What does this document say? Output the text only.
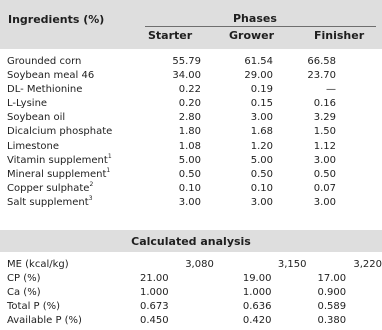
Ingredients (%)	Phases
Starter	Grower	Finisher
Grounded corn	55.79	61.54	66.58
Soybean meal 46	34.00	29.00	23.70
DL- Methionine	0.22	0.19	—
L-Lysine	0.20	0.15	0.16
Soybean oil	2.80	3.00	3.29
Dicalcium phosphate	1.80	1.68	1.50
Limestone	1.08	1.20	1.12
Vitamin supplement$^1$	5.00	5.00	3.00
Mineral supplement$^1$	0.50	0.50	0.50
Copper sulphate$^2$	0.10	0.10	0.07
Salt supplement$^3$	3.00	3.00	3.00
Calculated analysis
ME (kcal/kg)	3,080	3,150	3,220
CP (%)	21.00	19.00	17.00
Ca (%)	1.000	1.000	0.900
Total P (%)	0.673	0.636	0.589
Available P (%)	0.450	0.420	0.380
